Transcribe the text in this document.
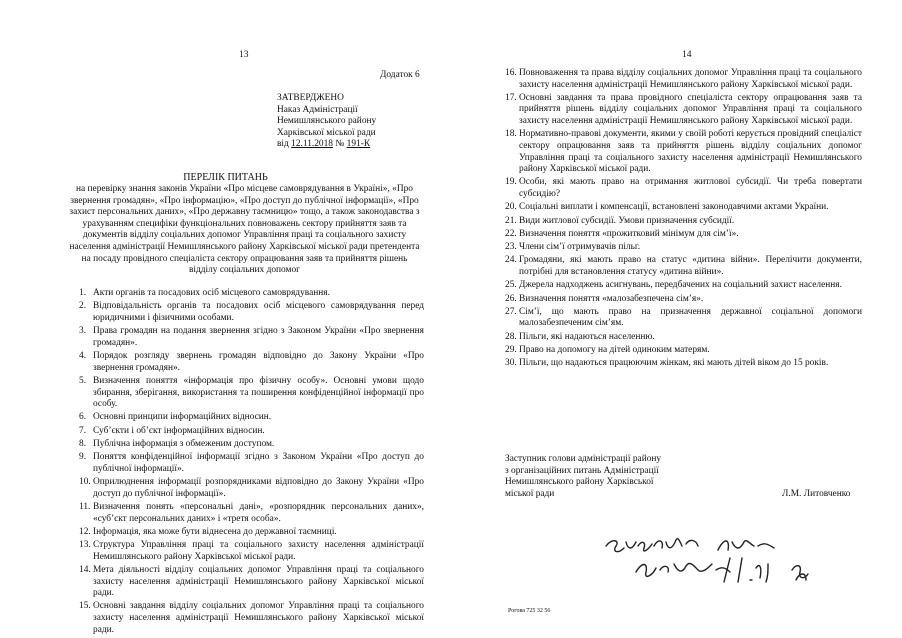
13
Додаток 6
ЗАТВЕРДЖЕНО
Наказ Адміністрації
Немишлянського району
Харківської міської ради
від 12.11.2018 № 191-К
ПЕРЕЛІК ПИТАНЬ
на перевірку знання законів України «Про місцеве самоврядування в Україні», «Про звернення громадян», «Про інформацію», «Про доступ до публічної інформації», «Про захист персональних даних», «Про державну таємницю» тощо, а також законодавства з урахуванням специфіки функціональних повноважень сектору прийняття заяв та документів відділу соціальних допомог Управління праці та соціального захисту населення адміністрації Немишлянського району Харківської міської ради претендента на посаду провідного спеціаліста сектору опрацювання заяв та прийняття рішень відділу соціальних допомог
1. Акти органів та посадових осіб місцевого самоврядування.
2. Відповідальність органів та посадових осіб місцевого самоврядування перед юридичними і фізичними особами.
3. Права громадян на подання звернення згідно з Законом України «Про звернення громадян».
4. Порядок розгляду звернень громадян відповідно до Закону України «Про звернення громадян».
5. Визначення поняття «інформація про фізичну особу». Основні умови щодо збирання, зберігання, використання та поширення конфіденційної інформації про особу.
6. Основні принципи інформаційних відносин.
7. Суб’єкти і об’єкт інформаційних відносин.
8. Публічна інформація з обмеженим доступом.
9. Поняття конфіденційної інформації згідно з Законом України «Про доступ до публічної інформації».
10. Оприлюднення інформації розпорядниками відповідно до Закону України «Про доступ до публічної інформації».
11. Визначення понять «персональні дані», «розпорядник персональних даних», «суб’єкт персональних даних» і «третя особа».
12. Інформація, яка може бути віднесена до державної таємниці.
13. Структура Управління праці та соціального захисту населення адміністрації Немишлянського району Харківської міської ради.
14. Мета діяльності відділу соціальних допомог Управління праці та соціального захисту населення адміністрації Немишлянського району Харківської міської ради.
15. Основні завдання відділу соціальних допомог Управління праці та соціального захисту населення адміністрації Немишлянського району Харківської міської ради.
14
16. Повноваження та права відділу соціальних допомог Управління праці та соціального захисту населення адміністрації Немишлянського району Харківської міської ради.
17. Основні завдання та права провідного спеціаліста сектору опрацювання заяв та прийняття рішень відділу соціальних допомог Управління праці та соціального захисту населення адміністрації Немишлянського району Харківської міської ради.
18. Нормативно-правові документи, якими у своїй роботі керується провідний спеціаліст сектору опрацювання заяв та прийняття рішень відділу соціальних допомог Управління праці та соціального захисту населення адміністрації Немишлянського району Харківської міської ради.
19. Особи, які мають право на отримання житлової субсидії. Чи треба повертати субсидію?
20. Соціальні виплати і компенсації, встановлені законодавчими актами України.
21. Види житлової субсидії. Умови призначення субсидії.
22. Визначення поняття «прожитковий мінімум для сім’ї».
23. Члени сім’ї отримувачів пільг.
24. Громадяни, які мають право на статус «дитина війни». Перелічити документи, потрібні для встановлення статусу «дитина війни».
25. Джерела надходжень асигнувань, передбачених на соціальний захист населення.
26. Визначення поняття «малозабезпечена сім’я».
27. Сім’ї, що мають право на призначення державної соціальної допомоги малозабезпеченим сім’ям.
28. Пільги, які надаються населенню.
29. Право на допомогу на дітей одиноким матерям.
30. Пільги, що надаються працюючим жінкам, які мають дітей віком до 15 років.
Заступник голови адміністрації району
з організаційних питань Адміністрації
Немишлянського району Харківської
міської ради	Л.М. Литовченко
Рогова 725 32 56
